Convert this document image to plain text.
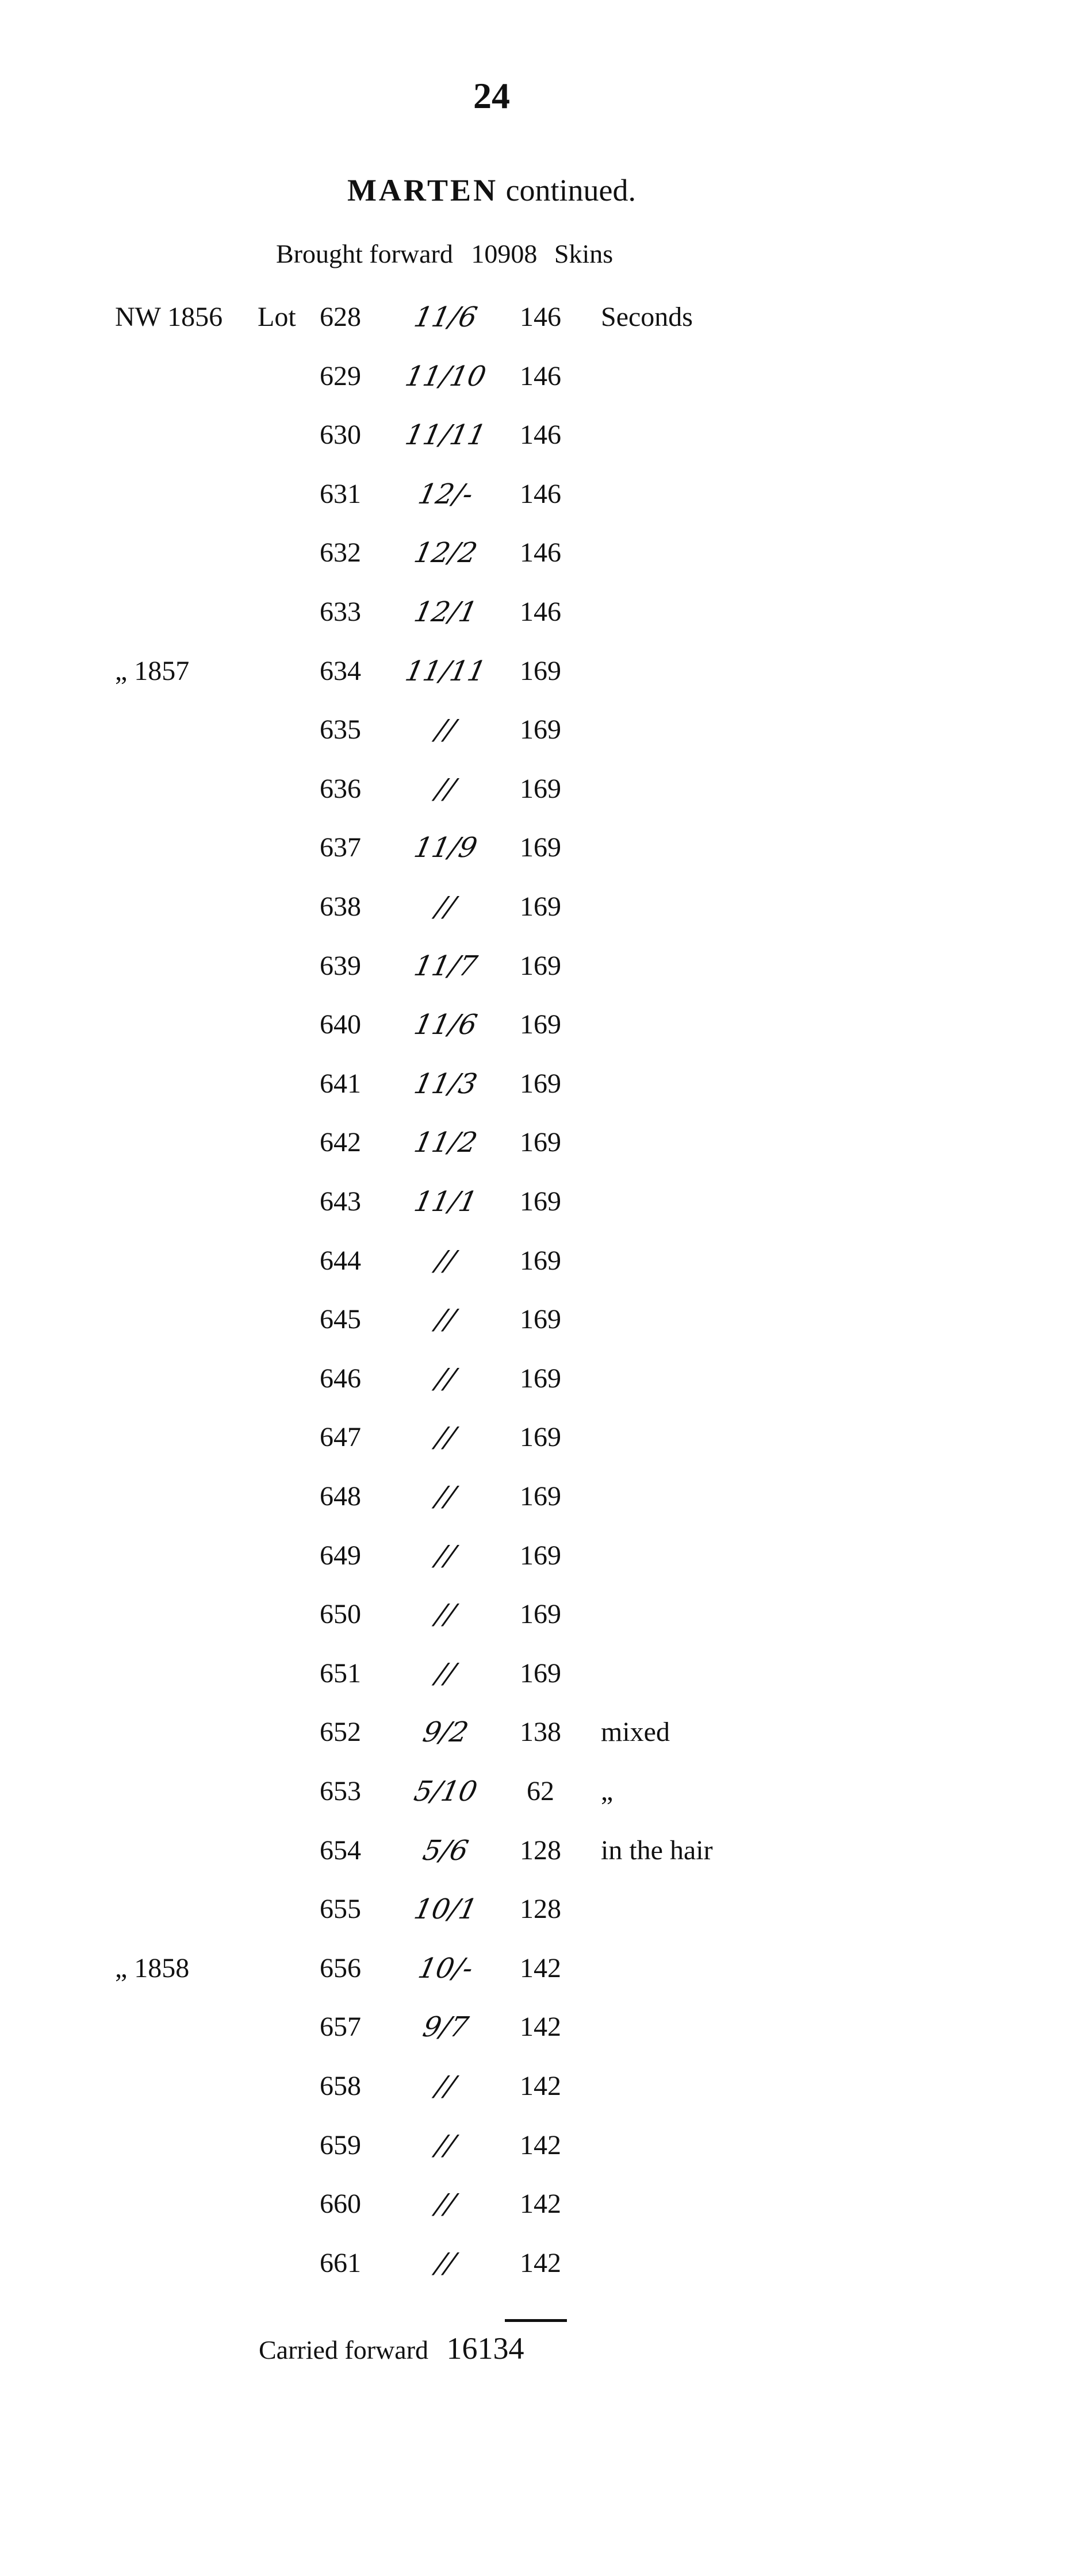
24
MARTEN continued.
Brought forward 10908 Skins
NW 1856	Lot 628	11/6	146	Seconds
629	11/10	146
630	11/11	146
631	12/-	146
632	12/2	146
633	12/1	146
„ 1857	634	11/11	169
635	//	169
636	//	169
637	11/9	169
638	//	169
639	11/7	169
640	11/6	169
641	11/3	169
642	11/2	169
643	11/1	169
644	//	169
645	//	169
646	//	169
647	//	169
648	//	169
649	//	169
650	//	169
651	//	169
652	9/2	138	mixed
653	5/10	62	„
654	5/6	128	in the hair
655	10/1	128
„ 1858	656	10/-	142
657	9/7	142
658	//	142
659	//	142
660	//	142
661	//	142
Carried forward 16134
